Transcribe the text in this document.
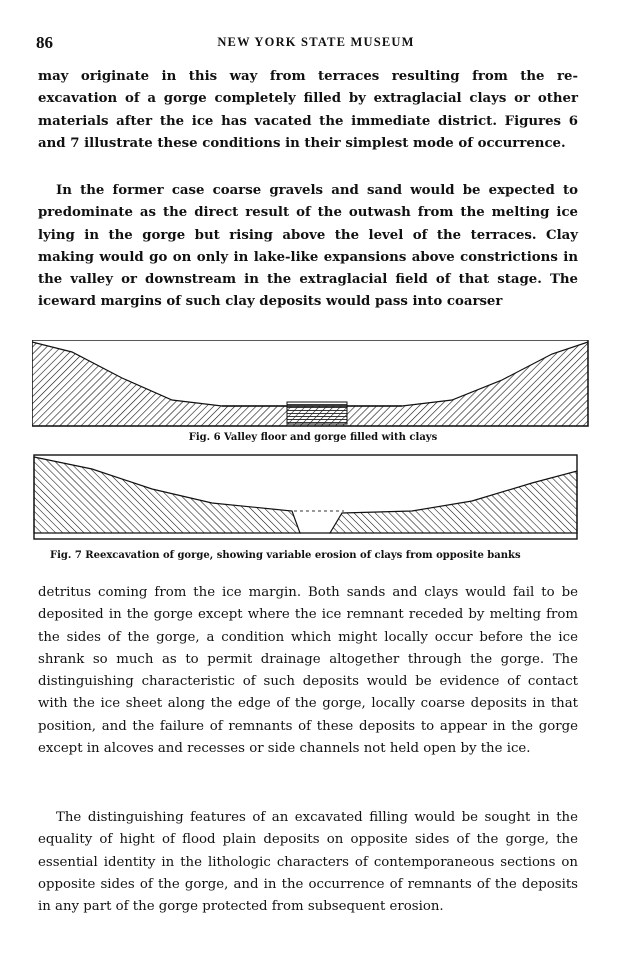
86	NEW YORK STATE MUSEUM

may originate in this way from terraces resulting from the re-excavation of a gorge completely filled by extraglacial clays or other materials after the ice has vacated the immediate district. Figures 6 and 7 illustrate these conditions in their simplest mode of occurrence.

In the former case coarse gravels and sand would be expected to predominate as the direct result of the outwash from the melting ice lying in the gorge but rising above the level of the terraces. Clay making would go on only in lake-like expansions above constrictions in the valley or downstream in the extraglacial field of that stage. The iceward margins of such clay deposits would pass into coarser

Fig. 6 Valley floor and gorge filled with clays
Fig. 7 Reexcavation of gorge, showing variable erosion of clays from opposite banks

detritus coming from the ice margin. Both sands and clays would fail to be deposited in the gorge except where the ice remnant receded by melting from the sides of the gorge, a condition which might locally occur before the ice shrank so much as to permit drainage altogether through the gorge. The distinguishing characteristic of such deposits would be evidence of contact with the ice sheet along the edge of the gorge, locally coarse deposits in that position, and the failure of remnants of these deposits to appear in the gorge except in alcoves and recesses or side channels not held open by the ice.

The distinguishing features of an excavated filling would be sought in the equality of hight of flood plain deposits on opposite sides of the gorge, the essential identity in the lithologic characters of contemporaneous sections on opposite sides of the gorge, and in the occurrence of remnants of the deposits in any part of the gorge protected from subsequent erosion.
